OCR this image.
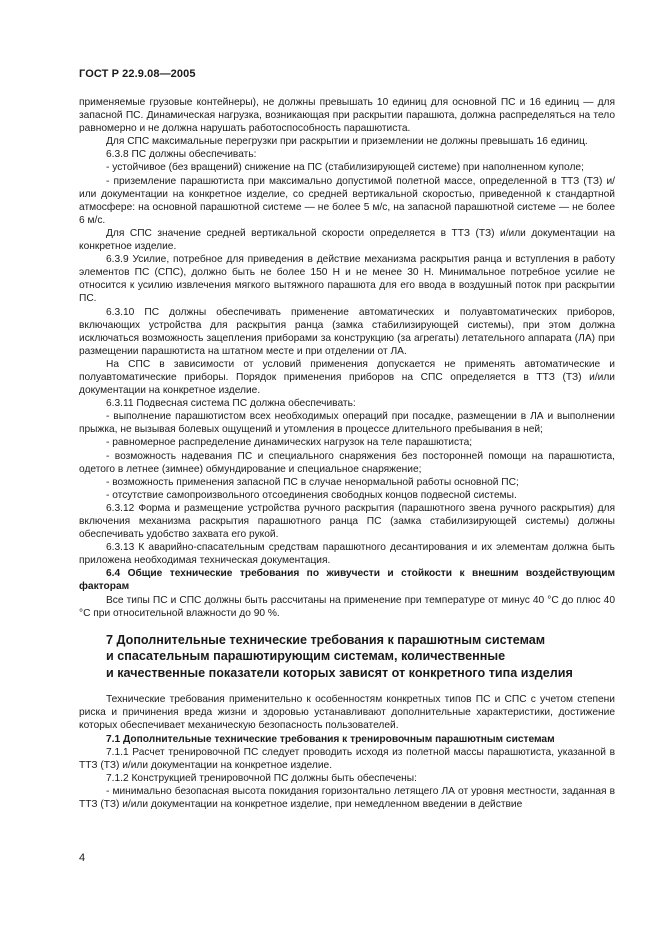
ГОСТ Р 22.9.08—2005

применяемые грузовые контейнеры), не должны превышать 10 единиц для основной ПС и 16 единиц — для запасной ПС. Динамическая нагрузка, возникающая при раскрытии парашюта, должна распределяться на тело равномерно и не должна нарушать работоспособность парашютиста.

Для СПС максимальные перегрузки при раскрытии и приземлении не должны превышать 16 единиц.

6.3.8 ПС должны обеспечивать:

- устойчивое (без вращений) снижение на ПС (стабилизирующей системе) при наполненном куполе;

- приземление парашютиста при максимально допустимой полетной массе, определенной в ТТЗ (ТЗ) и/или документации на конкретное изделие, со средней вертикальной скоростью, приведенной к стандартной атмосфере: на основной парашютной системе — не более 5 м/с, на запасной парашютной системе — не более 6 м/с.

Для СПС значение средней вертикальной скорости определяется в ТТЗ (ТЗ) и/или документации на конкретное изделие.

6.3.9 Усилие, потребное для приведения в действие механизма раскрытия ранца и вступления в работу элементов ПС (СПС), должно быть не более 150 Н и не менее 30 Н. Минимальное потребное усилие не относится к усилию извлечения мягкого вытяжного парашюта для его ввода в воздушный поток при раскрытии ПС.

6.3.10 ПС должны обеспечивать применение автоматических и полуавтоматических приборов, включающих устройства для раскрытия ранца (замка стабилизирующей системы), при этом должна исключаться возможность зацепления приборами за конструкцию (за агрегаты) летательного аппарата (ЛА) при размещении парашютиста на штатном месте и при отделении от ЛА.

На СПС в зависимости от условий применения допускается не применять автоматические и полуавтоматические приборы. Порядок применения приборов на СПС определяется в ТТЗ (ТЗ) и/или документации на конкретное изделие.

6.3.11 Подвесная система ПС должна обеспечивать:

- выполнение парашютистом всех необходимых операций при посадке, размещении в ЛА и выполнении прыжка, не вызывая болевых ощущений и утомления в процессе длительного пребывания в ней;

- равномерное распределение динамических нагрузок на теле парашютиста;

- возможность надевания ПС и специального снаряжения без посторонней помощи на парашютиста, одетого в летнее (зимнее) обмундирование и специальное снаряжение;

- возможность применения запасной ПС в случае ненормальной работы основной ПС;

- отсутствие самопроизвольного отсоединения свободных концов подвесной системы.

6.3.12 Форма и размещение устройства ручного раскрытия (парашютного звена ручного раскрытия) для включения механизма раскрытия парашютного ранца ПС (замка стабилизирующей системы) должны обеспечивать удобство захвата его рукой.

6.3.13 К аварийно-спасательным средствам парашютного десантирования и их элементам должна быть приложена необходимая техническая документация.

6.4 Общие технические требования по живучести и стойкости к внешним воздействующим факторам

Все типы ПС и СПС должны быть рассчитаны на применение при температуре от минус 40 °С до плюс 40 °С при относительной влажности до 90 %.

7 Дополнительные технические требования к парашютным системам
и спасательным парашютирующим системам, количественные
и качественные показатели которых зависят от конкретного типа изделия

Технические требования применительно к особенностям конкретных типов ПС и СПС с учетом степени риска и причинения вреда жизни и здоровью устанавливают дополнительные характеристики, достижение которых обеспечивает механическую безопасность пользователей.

7.1 Дополнительные технические требования к тренировочным парашютным системам

7.1.1 Расчет тренировочной ПС следует проводить исходя из полетной массы парашютиста, указанной в ТТЗ (ТЗ) и/или документации на конкретное изделие.

7.1.2 Конструкцией тренировочной ПС должны быть обеспечены:

- минимально безопасная высота покидания горизонтально летящего ЛА от уровня местности, заданная в ТТЗ (ТЗ) и/или документации на конкретное изделие, при немедленном введении в действие

4
